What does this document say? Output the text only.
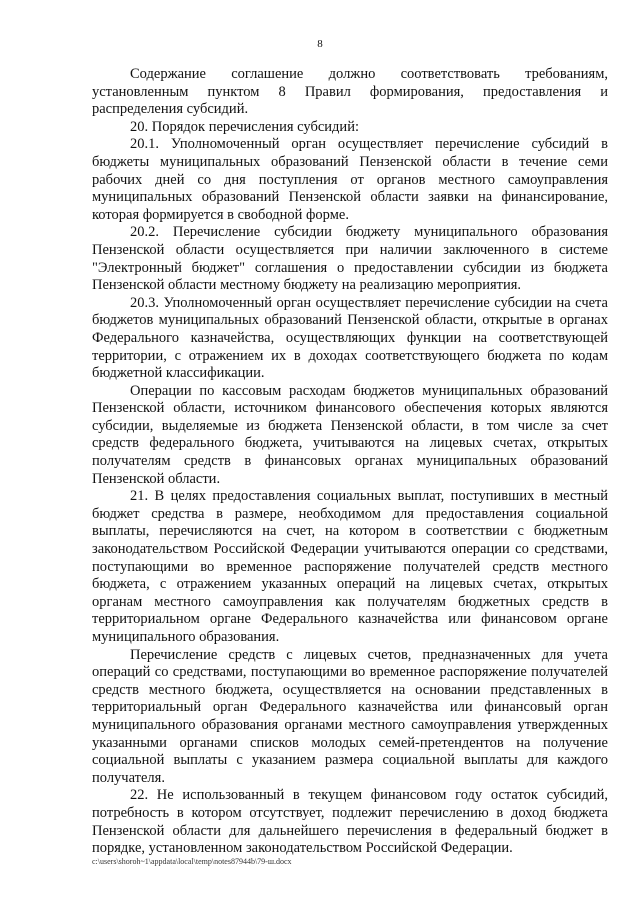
8

Содержание соглашение должно соответствовать требованиям, установленным пунктом 8 Правил формирования, предоставления и распределения субсидий.

20. Порядок перечисления субсидий:

20.1. Уполномоченный орган осуществляет перечисление субсидий в бюджеты муниципальных образований Пензенской области в течение семи рабочих дней со дня поступления от органов местного самоуправления муниципальных образований Пензенской области заявки на финансирование, которая формируется в свободной форме.

20.2. Перечисление субсидии бюджету муниципального образования Пензенской области осуществляется при наличии заключенного в системе "Электронный бюджет" соглашения о предоставлении субсидии из бюджета Пензенской области местному бюджету на реализацию мероприятия.

20.3. Уполномоченный орган осуществляет перечисление субсидии на счета бюджетов муниципальных образований Пензенской области, открытые в органах Федерального казначейства, осуществляющих функции на соответствующей территории, с отражением их в доходах соответствующего бюджета по кодам бюджетной классификации.

Операции по кассовым расходам бюджетов муниципальных образований Пензенской области, источником финансового обеспечения которых являются субсидии, выделяемые из бюджета Пензенской области, в том числе за счет средств федерального бюджета, учитываются на лицевых счетах, открытых получателям средств в финансовых органах муниципальных образований Пензенской области.

21. В целях предоставления социальных выплат, поступивших в местный бюджет средства в размере, необходимом для предоставления социальной выплаты, перечисляются на счет, на котором в соответствии с бюджетным законодательством Российской Федерации учитываются операции со средствами, поступающими во временное распоряжение получателей средств местного бюджета, с отражением указанных операций на лицевых счетах, открытых органам местного самоуправления как получателям бюджетных средств в территориальном органе Федерального казначейства или финансовом органе муниципального образования.

Перечисление средств с лицевых счетов, предназначенных для учета операций со средствами, поступающими во временное распоряжение получателей средств местного бюджета, осуществляется на основании представленных в территориальный орган Федерального казначейства или финансовый орган муниципального образования органами местного самоуправления утвержденных указанными органами списков молодых семей-претендентов на получение социальной выплаты с указанием размера социальной выплаты для каждого получателя.

22. Не использованный в текущем финансовом году остаток субсидий, потребность в котором отсутствует, подлежит перечислению в доход бюджета Пензенской области для дальнейшего перечисления в федеральный бюджет в порядке, установленном законодательством Российской Федерации.

c:\users\shoroh~1\appdata\local\temp\notes87944b\79-ш.docx
